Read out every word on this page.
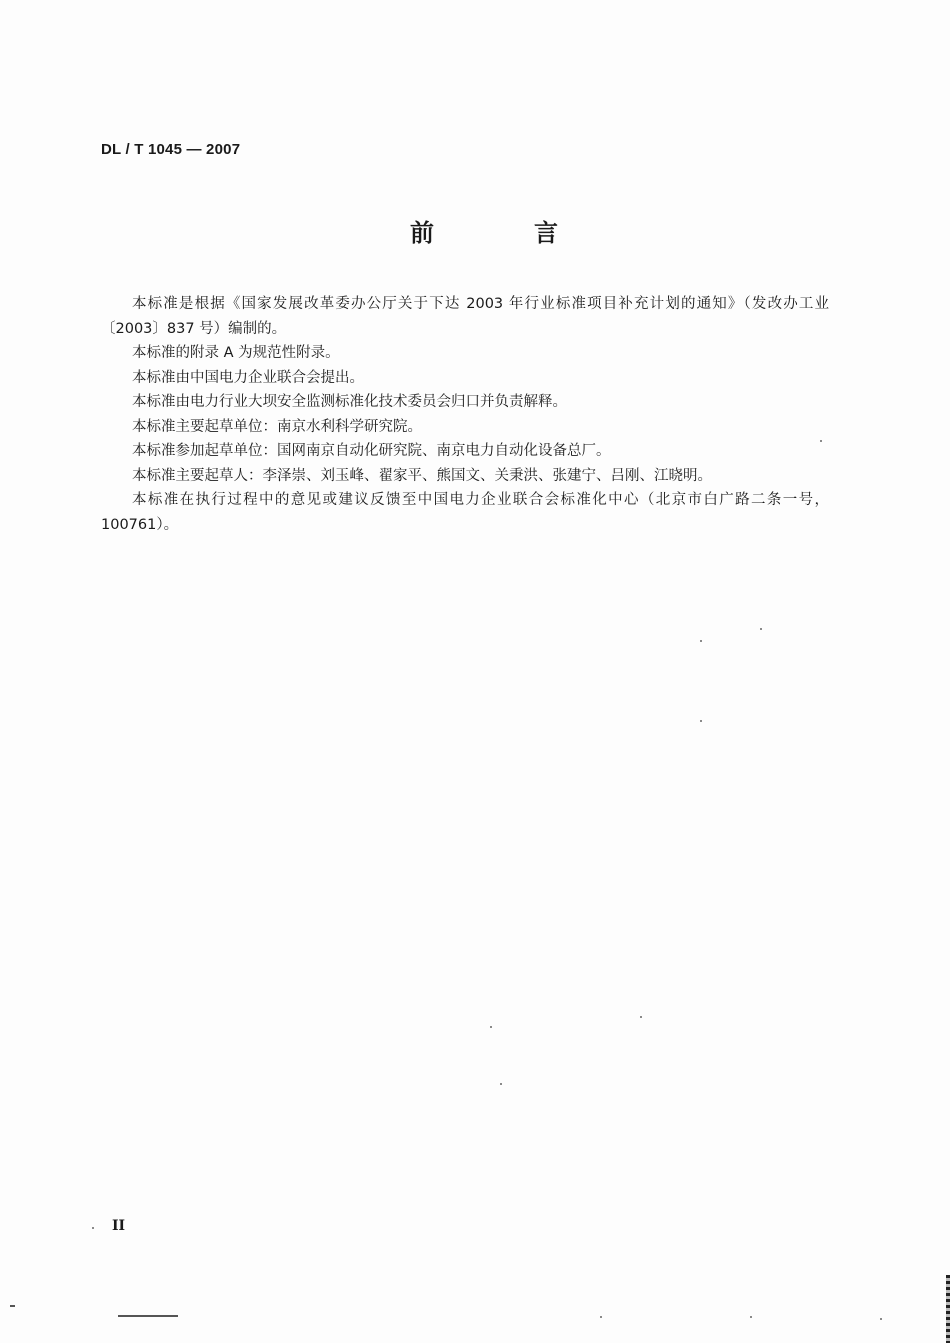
DL / T 1045 — 2007
前　言

本标准是根据《国家发展改革委办公厅关于下达 2003 年行业标准项目补充计划的通知》（发改办工业〔2003〕837 号）编制的。

本标准的附录 A 为规范性附录。

本标准由中国电力企业联合会提出。

本标准由电力行业大坝安全监测标准化技术委员会归口并负责解释。

本标准主要起草单位：南京水利科学研究院。

本标准参加起草单位：国网南京自动化研究院、南京电力自动化设备总厂。

本标准主要起草人：李泽崇、刘玉峰、翟家平、熊国文、关秉洪、张建宁、吕刚、江晓明。

本标准在执行过程中的意见或建议反馈至中国电力企业联合会标准化中心（北京市白广路二条一号，100761）。

II
